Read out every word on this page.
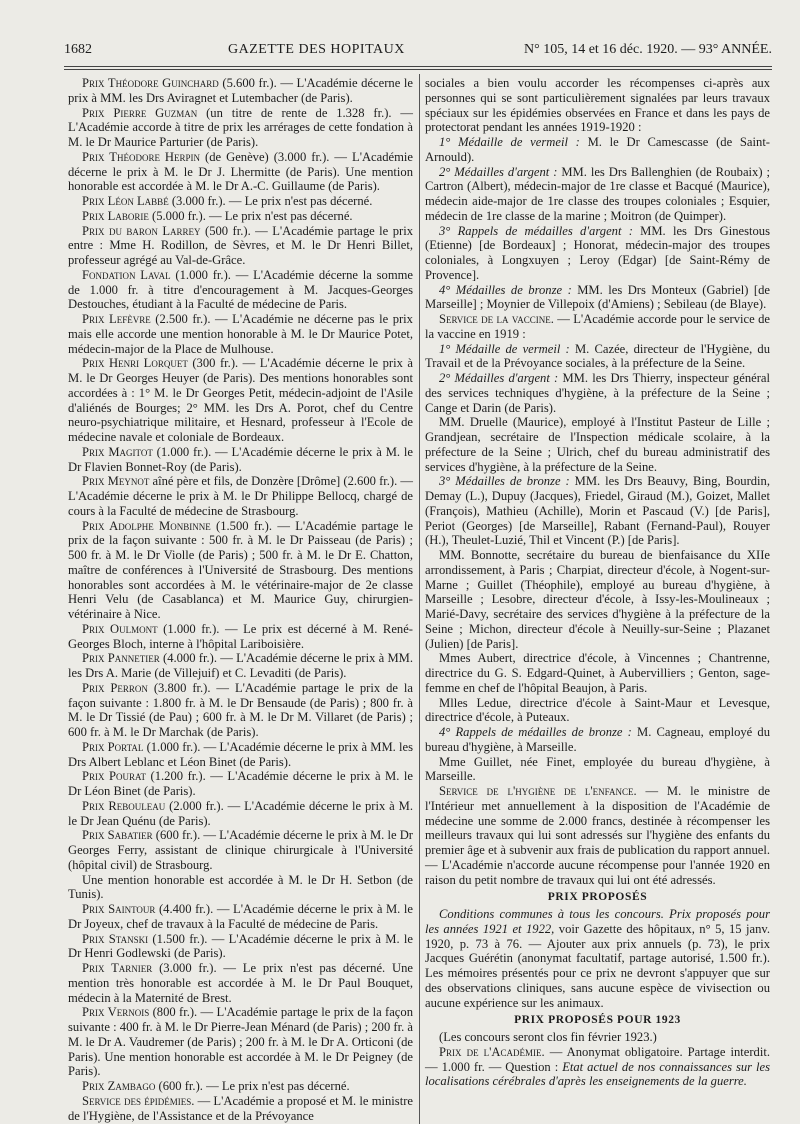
1682	GAZETTE DES HOPITAUX	N° 105, 14 et 16 déc. 1920. — 93° ANNÉE.

Prix Théodore Guinchard (5.600 fr.). — L'Académie décerne le prix à MM. les Drs Aviragnet et Lutembacher (de Paris).

Prix Pierre Guzman (un titre de rente de 1.328 fr.). — L'Académie accorde à titre de prix les arrérages de cette fondation à M. le Dr Maurice Parturier (de Paris).

Prix Théodore Herpin (de Genève) (3.000 fr.). — L'Académie décerne le prix à M. le Dr J. Lhermitte (de Paris). Une mention honorable est accordée à M. le Dr A.-C. Guillaume (de Paris).

Prix Léon Labbé (3.000 fr.). — Le prix n'est pas décerné.

Prix Laborie (5.000 fr.). — Le prix n'est pas décerné.

Prix du baron Larrey (500 fr.). — L'Académie partage le prix entre : Mme H. Rodillon, de Sèvres, et M. le Dr Henri Billet, professeur agrégé au Val-de-Grâce.

Fondation Laval (1.000 fr.). — L'Académie décerne la somme de 1.000 fr. à titre d'encouragement à M. Jacques-Georges Destouches, étudiant à la Faculté de médecine de Paris.

Prix Lefèvre (2.500 fr.). — L'Académie ne décerne pas le prix mais elle accorde une mention honorable à M. le Dr Maurice Potet, médecin-major de la Place de Mulhouse.

Prix Henri Lorquet (300 fr.). — L'Académie décerne le prix à M. le Dr Georges Heuyer (de Paris). Des mentions honorables sont accordées à : 1° M. le Dr Georges Petit, médecin-adjoint de l'Asile d'aliénés de Bourges; 2° MM. les Drs A. Porot, chef du Centre neuro-psychiatrique militaire, et Hesnard, professeur à l'Ecole de médecine navale et coloniale de Bordeaux.

Prix Magitot (1.000 fr.). — L'Académie décerne le prix à M. le Dr Flavien Bonnet-Roy (de Paris).

Prix Meynot aîné père et fils, de Donzère [Drôme] (2.600 fr.). — L'Académie décerne le prix à M. le Dr Philippe Bellocq, chargé de cours à la Faculté de médecine de Strasbourg.

Prix Adolphe Monbinne (1.500 fr.). — L'Académie partage le prix de la façon suivante : 500 fr. à M. le Dr Paisseau (de Paris) ; 500 fr. à M. le Dr Violle (de Paris) ; 500 fr. à M. le Dr E. Chatton, maître de conférences à l'Université de Strasbourg. Des mentions honorables sont accordées à M. le vétérinaire-major de 2e classe Henri Velu (de Casablanca) et M. Maurice Guy, chirurgien-vétérinaire à Nice.

Prix Oulmont (1.000 fr.). — Le prix est décerné à M. René-Georges Bloch, interne à l'hôpital Lariboisière.

Prix Pannetier (4.000 fr.). — L'Académie décerne le prix à MM. les Drs A. Marie (de Villejuif) et C. Levaditi (de Paris).

Prix Perron (3.800 fr.). — L'Académie partage le prix de la façon suivante : 1.800 fr. à M. le Dr Bensaude (de Paris) ; 800 fr. à M. le Dr Tissié (de Pau) ; 600 fr. à M. le Dr M. Villaret (de Paris) ; 600 fr. à M. le Dr Marchak (de Paris).

Prix Portal (1.000 fr.). — L'Académie décerne le prix à MM. les Drs Albert Leblanc et Léon Binet (de Paris).

Prix Pourat (1.200 fr.). — L'Académie décerne le prix à M. le Dr Léon Binet (de Paris).

Prix Rebouleau (2.000 fr.). — L'Académie décerne le prix à M. le Dr Jean Quénu (de Paris).

Prix Sabatier (600 fr.). — L'Académie décerne le prix à M. le Dr Georges Ferry, assistant de clinique chirurgicale à l'Université (hôpital civil) de Strasbourg.

Une mention honorable est accordée à M. le Dr H. Setbon (de Tunis).

Prix Saintour (4.400 fr.). — L'Académie décerne le prix à M. le Dr Joyeux, chef de travaux à la Faculté de médecine de Paris.

Prix Stanski (1.500 fr.). — L'Académie décerne le prix à M. le Dr Henri Godlewski (de Paris).

Prix Tarnier (3.000 fr.). — Le prix n'est pas décerné. Une mention très honorable est accordée à M. le Dr Paul Bouquet, médecin à la Maternité de Brest.

Prix Vernois (800 fr.). — L'Académie partage le prix de la façon suivante : 400 fr. à M. le Dr Pierre-Jean Ménard (de Paris) ; 200 fr. à M. le Dr A. Vaudremer (de Paris) ; 200 fr. à M. le Dr A. Orticoni (de Paris). Une mention honorable est accordée à M. le Dr Peigney (de Paris).

Prix Zambago (600 fr.). — Le prix n'est pas décerné.

Service des épidémies. — L'Académie a proposé et M. le ministre de l'Hygiène, de l'Assistance et de la Prévoyance

sociales a bien voulu accorder les récompenses ci-après aux personnes qui se sont particulièrement signalées par leurs travaux spéciaux sur les épidémies observées en France et dans les pays de protectorat pendant les années 1919-1920 :

1° Médaille de vermeil : M. le Dr Camescasse (de Saint-Arnould).

2° Médailles d'argent : MM. les Drs Ballenghien (de Roubaix) ; Cartron (Albert), médecin-major de 1re classe et Bacqué (Maurice), médecin aide-major de 1re classe des troupes coloniales ; Esquier, médecin de 1re classe de la marine ; Moitron (de Quimper).

3° Rappels de médailles d'argent : MM. les Drs Ginestous (Etienne) [de Bordeaux] ; Honorat, médecin-major des troupes coloniales, à Longxuyen ; Leroy (Edgar) [de Saint-Rémy de Provence].

4° Médailles de bronze : MM. les Drs Monteux (Gabriel) [de Marseille] ; Moynier de Villepoix (d'Amiens) ; Sebileau (de Blaye).

Service de la vaccine. — L'Académie accorde pour le service de la vaccine en 1919 :

1° Médaille de vermeil : M. Cazée, directeur de l'Hygiène, du Travail et de la Prévoyance sociales, à la préfecture de la Seine.

2° Médailles d'argent : MM. les Drs Thierry, inspecteur général des services techniques d'hygiène, à la préfecture de la Seine ; Cange et Darin (de Paris).

MM. Druelle (Maurice), employé à l'Institut Pasteur de Lille ; Grandjean, secrétaire de l'Inspection médicale scolaire, à la préfecture de la Seine ; Ulrich, chef du bureau administratif des services d'hygiène, à la préfecture de la Seine.

3° Médailles de bronze : MM. les Drs Beauvy, Bing, Bourdin, Demay (L.), Dupuy (Jacques), Friedel, Giraud (M.), Goizet, Mallet (François), Mathieu (Achille), Morin et Pascaud (V.) [de Paris], Periot (Georges) [de Marseille], Rabant (Fernand-Paul), Rouyer (H.), Theulet-Luzié, Thil et Vincent (P.) [de Paris].

MM. Bonnotte, secrétaire du bureau de bienfaisance du XIIe arrondissement, à Paris ; Charpiat, directeur d'école, à Nogent-sur-Marne ; Guillet (Théophile), employé au bureau d'hygiène, à Marseille ; Lesobre, directeur d'école, à Issy-les-Moulineaux ; Marié-Davy, secrétaire des services d'hygiène à la préfecture de la Seine ; Michon, directeur d'école à Neuilly-sur-Seine ; Plazanet (Julien) [de Paris].

Mmes Aubert, directrice d'école, à Vincennes ; Chantrenne, directrice du G. S. Edgard-Quinet, à Aubervilliers ; Genton, sage-femme en chef de l'hôpital Beaujon, à Paris.

Mlles Ledue, directrice d'école à Saint-Maur et Levesque, directrice d'école, à Puteaux.

4° Rappels de médailles de bronze : M. Cagneau, employé du bureau d'hygiène, à Marseille.

Mme Guillet, née Finet, employée du bureau d'hygiène, à Marseille.

Service de l'hygiène de l'enfance. — M. le ministre de l'Intérieur met annuellement à la disposition de l'Académie de médecine une somme de 2.000 francs, destinée à récompenser les meilleurs travaux qui lui sont adressés sur l'hygiène des enfants du premier âge et à subvenir aux frais de publication du rapport annuel. — L'Académie n'accorde aucune récompense pour l'année 1920 en raison du petit nombre de travaux qui lui ont été adressés.

PRIX PROPOSÉS

Conditions communes à tous les concours. Prix proposés pour les années 1921 et 1922, voir Gazette des hôpitaux, n° 5, 15 janv. 1920, p. 73 à 76. — Ajouter aux prix annuels (p. 73), le prix Jacques Guérétin (anonymat facultatif, partage autorisé, 1.500 fr.). Les mémoires présentés pour ce prix ne devront s'appuyer que sur des observations cliniques, sans aucune espèce de vivisection ou aucune expérience sur les animaux.

PRIX PROPOSÉS POUR 1923

(Les concours seront clos fin février 1923.)

Prix de l'Académie. — Anonymat obligatoire. Partage interdit. — 1.000 fr. — Question : Etat actuel de nos connaissances sur les localisations cérébrales d'après les enseignements de la guerre.
